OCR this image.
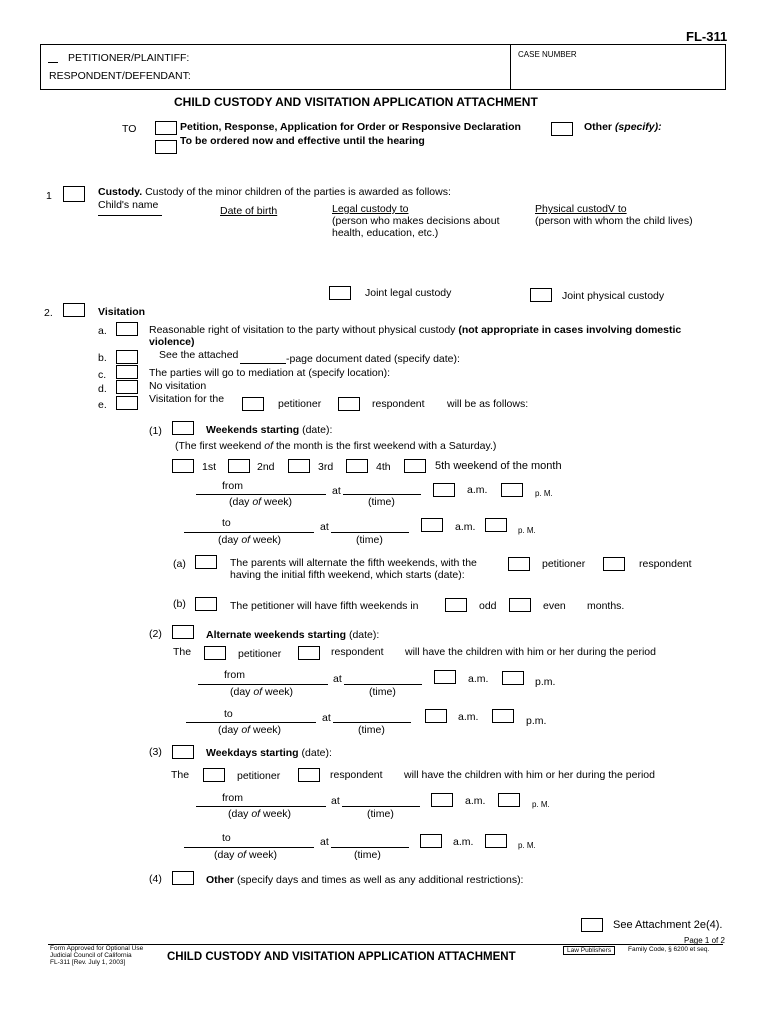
FL-311
PETITIONER/PLAINTIFF:
RESPONDENT/DEFENDANT:
CASE NUMBER
CHILD CUSTODY AND VISITATION APPLICATION ATTACHMENT
TO	Petition, Response, Application for Order or Responsive Declaration
To be ordered now and effective until the hearing
Other (specify):
1	Custody. Custody of the minor children of the parties is awarded as follows:
Child's name	Date of birth	Legal custody to
(person who makes decisions about
health, education, etc.)
Physical custodV to
(person with whom the child lives)
Joint legal custody	Joint physical custody
2.	Visitation
a.	Reasonable right of visitation to the party without physical custody (not appropriate in cases involving domestic
violence)
b.	See the attached	-page document dated (specify date):
c.	The parties will go to mediation at (specify location):
d.	No visitation
e.	Visitation for the	petitioner	respondent will be as follows:
(1)	Weekends starting (date):
(The first weekend of the month is the first weekend with a Saturday.)
1st	2nd	3rd	4th	5th weekend of the month
from
(day of week)
at
(time)
a.m.	p. M.
to
(day of week)
at
(time)
a.m.	p. M.
(a)	The parents will alternate the fifth weekends, with the
having the initial fifth weekend, which starts (date):
petitioner	respondent
(b)	The petitioner will have fifth weekends in	odd	even months.
(2)	Alternate weekends starting (date):
The	petitioner	respondent will have the children with him or her during the period
from
(day of week)
at
(time)
a.m.	p.m.
to
(day of week)
at
(time)
a.m.	p.m.
(3)	Weekdays starting (date):
The	petitioner	respondent will have the children with him or her during the period
from
(day of week)
at
(time)
a.m.	p. M.
to
(day of week)
at
(time)
a.m.	p. M.
(4)	Other (specify days and times as well as any additional restrictions):
See Attachment 2e(4).
Page 1 of 2
Form Approved for Optional Use
Judicial Council of California
FL-311 [Rev. July 1, 2003]	CHILD CUSTODY AND VISITATION APPLICATION ATTACHMENT
Law Publishers	Family Code, § 6200 et seq.
